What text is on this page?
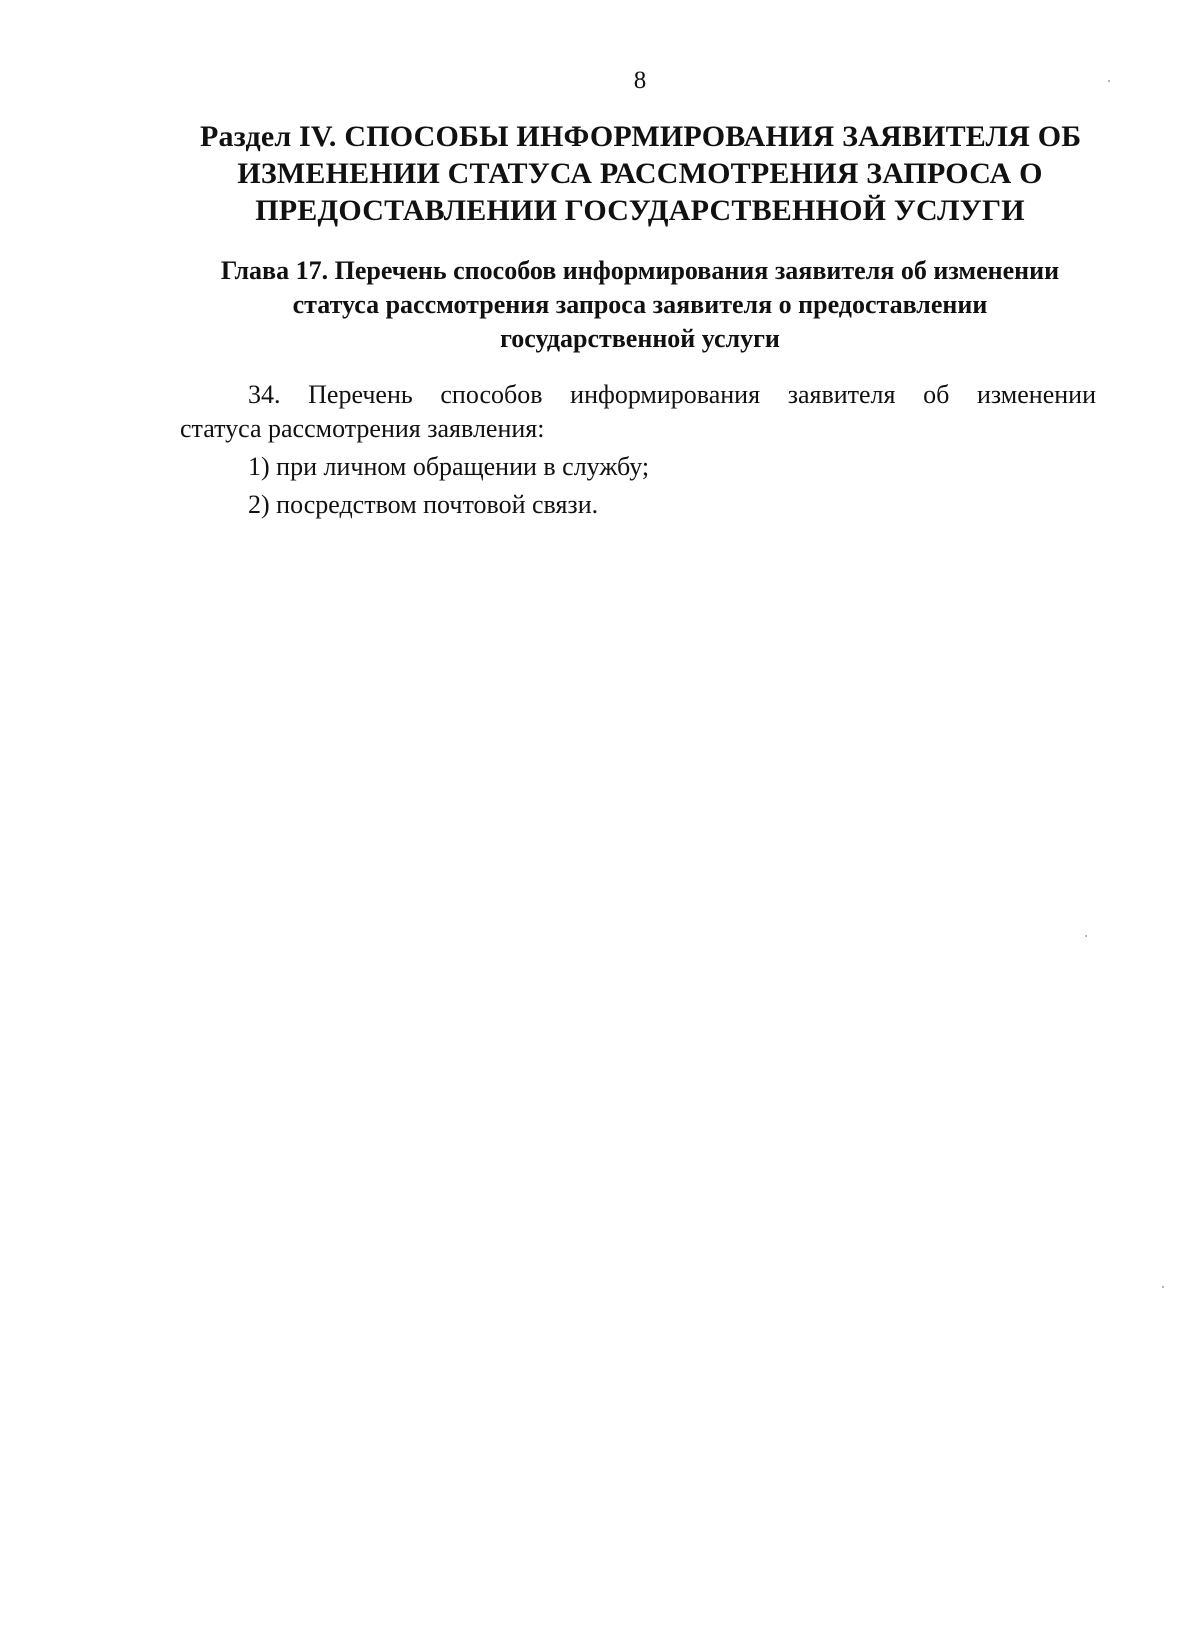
8
Раздел IV. СПОСОБЫ ИНФОРМИРОВАНИЯ ЗАЯВИТЕЛЯ ОБ
ИЗМЕНЕНИИ СТАТУСА РАССМОТРЕНИЯ ЗАПРОСА О
ПРЕДОСТАВЛЕНИИ ГОСУДАРСТВЕННОЙ УСЛУГИ
Глава 17. Перечень способов информирования заявителя об изменении
статуса рассмотрения запроса заявителя о предоставлении
государственной услуги
34. Перечень способов информирования заявителя об изменении
статуса рассмотрения заявления:
1) при личном обращении в службу;
2) посредством почтовой связи.
